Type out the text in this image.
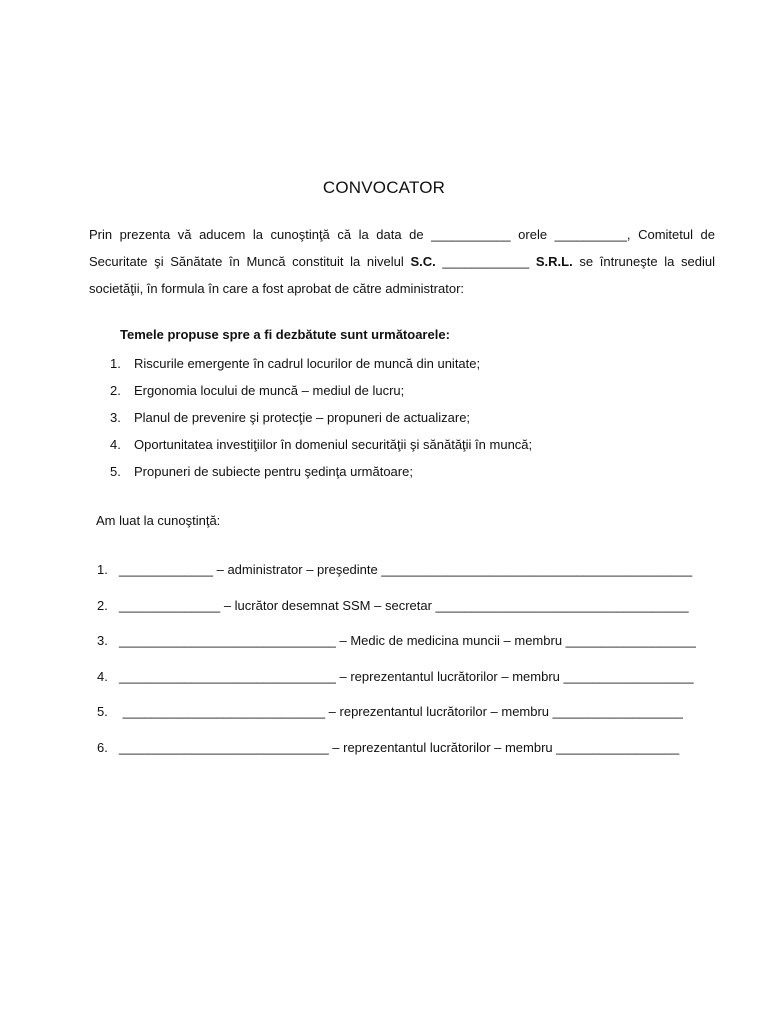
CONVOCATOR

Prin prezenta vă aducem la cunoştinţă că la data de ___________ orele __________, Comitetul de Securitate şi Sănătate în Muncă constituit la nivelul S.C. ____________ S.R.L. se întruneşte la sediul societăţii, în formula în care a fost aprobat de către administrator:

Temele propuse spre a fi dezbătute sunt următoarele:
1. Riscurile emergente în cadrul locurilor de muncă din unitate;
2. Ergonomia locului de muncă – mediul de lucru;
3. Planul de prevenire şi protecţie – propuneri de actualizare;
4. Oportunitatea investiţiilor în domeniul securităţii şi sănătăţii în muncă;
5. Propuneri de subiecte pentru şedinţa următoare;
Am luat la cunoştinţă:
1. _____________ – administrator – preşedinte ___________________________________________
2. ______________ – lucrător desemnat SSM – secretar ___________________________________
3. ______________________________ – Medic de medicina muncii – membru __________________
4. ______________________________ – reprezentantul lucrătorilor – membru __________________
5. ____________________________ – reprezentantul lucrătorilor – membru __________________
6. _____________________________ – reprezentantul lucrătorilor – membru _________________
